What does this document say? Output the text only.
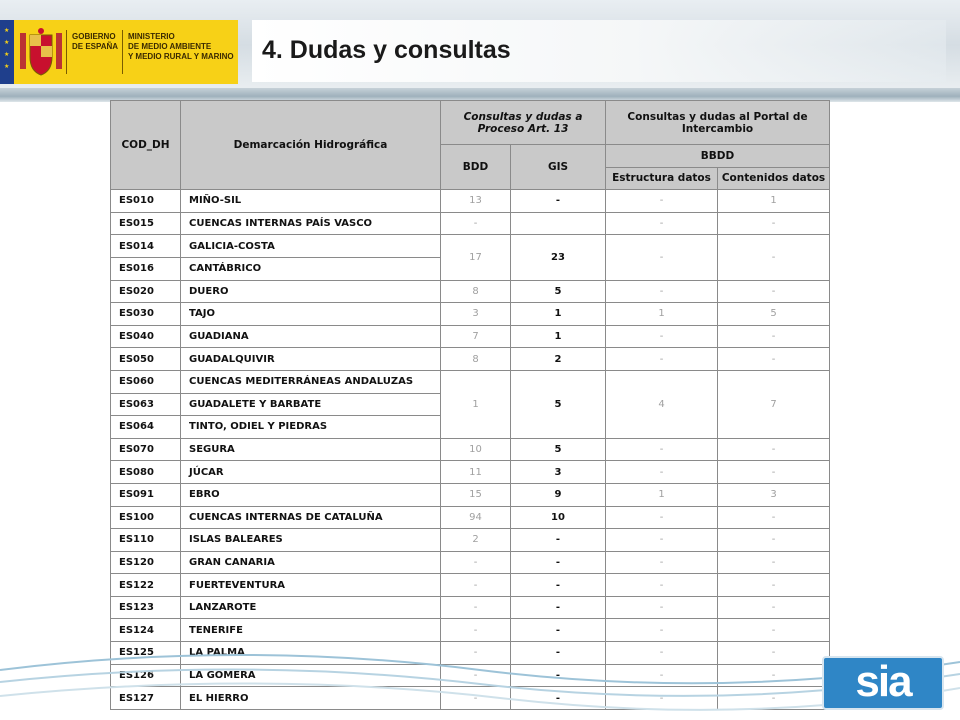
★
★
★
★
GOBIERNO
DE ESPAÑA
MINISTERIO
DE MEDIO AMBIENTE
Y MEDIO RURAL Y MARINO 4. Dudas y consultas
COD_DH	Demarcación Hidrográfica	Consultas y dudas a Proceso Art. 13		Consultas y dudas al Portal de Intercambio	
		BDD	GIS	BBDD	
				Estructura datos	Contenidos datos
ES010	MIÑO-SIL	13	-	-	1
ES015	CUENCAS INTERNAS PAÍS VASCO	-		-	-
ES014	GALICIA-COSTA	17	23	-	-
ES016	CANTÁBRICO				
ES020	DUERO	8	5	-	-
ES030	TAJO	3	1	1	5
ES040	GUADIANA	7	1	-	-
ES050	GUADALQUIVIR	8	2	-	-
ES060	CUENCAS MEDITERRÁNEAS ANDALUZAS	1	5	4	7
ES063	GUADALETE Y BARBATE				
ES064	TINTO, ODIEL Y PIEDRAS				
ES070	SEGURA	10	5	-	-
ES080	JÚCAR	11	3	-	-
ES091	EBRO	15	9	1	3
ES100	CUENCAS INTERNAS DE CATALUÑA	94	10	-	-
ES110	ISLAS BALEARES	2	-	-	-
ES120	GRAN CANARIA	-	-	-	-
ES122	FUERTEVENTURA	-	-	-	-
ES123	LANZAROTE	-	-	-	-
ES124	TENERIFE	-	-	-	-
ES125	LA PALMA	-	-	-	-
ES126	LA GOMERA	-	-	-	-
ES127	EL HIERRO	-	-	-	-	sia
